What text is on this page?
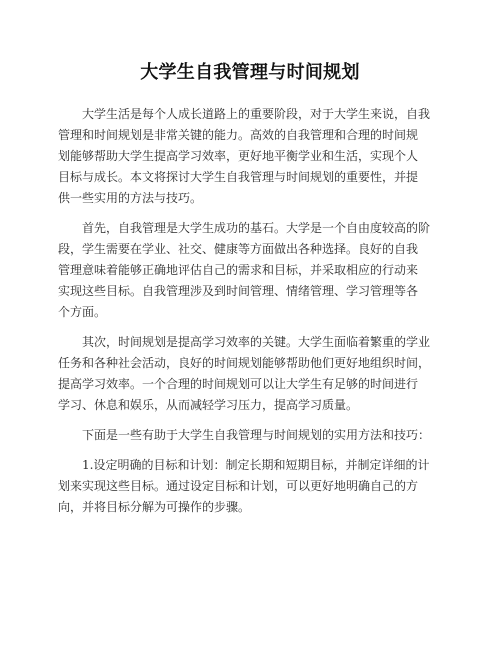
大学生自我管理与时间规划
大学生活是每个人成长道路上的重要阶段，对于大学生来说，自我
管理和时间规划是非常关键的能力。高效的自我管理和合理的时间规
划能够帮助大学生提高学习效率，更好地平衡学业和生活，实现个人
目标与成长。本文将探讨大学生自我管理与时间规划的重要性，并提
供一些实用的方法与技巧。
首先，自我管理是大学生成功的基石。大学是一个自由度较高的阶
段，学生需要在学业、社交、健康等方面做出各种选择。良好的自我
管理意味着能够正确地评估自己的需求和目标，并采取相应的行动来
实现这些目标。自我管理涉及到时间管理、情绪管理、学习管理等各
个方面。
其次，时间规划是提高学习效率的关键。大学生面临着繁重的学业
任务和各种社会活动，良好的时间规划能够帮助他们更好地组织时间，
提高学习效率。一个合理的时间规划可以让大学生有足够的时间进行
学习、休息和娱乐，从而减轻学习压力，提高学习质量。
下面是一些有助于大学生自我管理与时间规划的实用方法和技巧：
1.设定明确的目标和计划：制定长期和短期目标，并制定详细的计
划来实现这些目标。通过设定目标和计划，可以更好地明确自己的方
向，并将目标分解为可操作的步骤。
